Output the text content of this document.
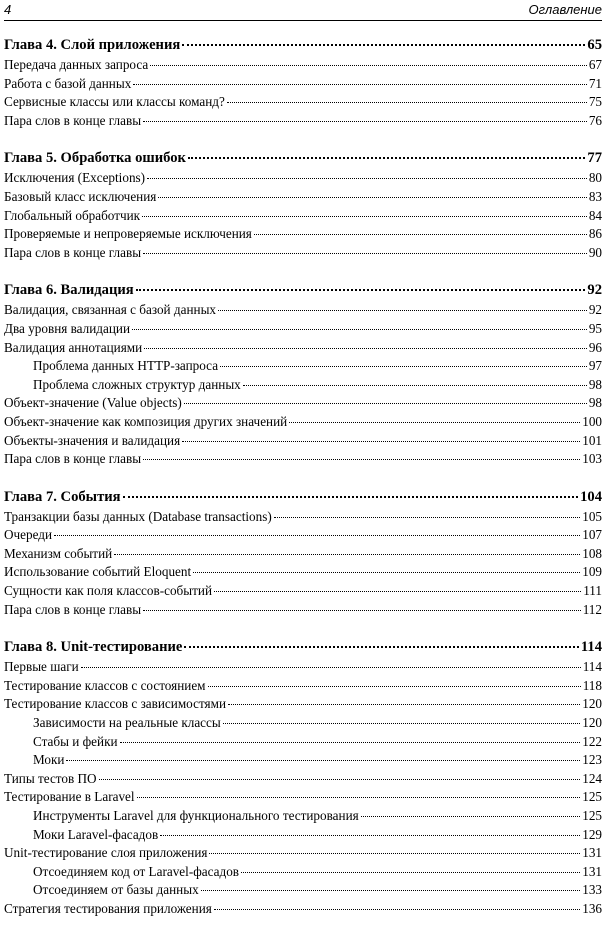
4	Оглавление
Глава 4. Слой приложения	65
Передача данных запроса	67
Работа с базой данных	71
Сервисные классы или классы команд?	75
Пара слов в конце главы	76
Глава 5. Обработка ошибок	77
Исключения (Exceptions)	80
Базовый класс исключения	83
Глобальный обработчик	84
Проверяемые и непроверяемые исключения	86
Пара слов в конце главы	90
Глава 6. Валидация	92
Валидация, связанная с базой данных	92
Два уровня валидации	95
Валидация аннотациями	96
Проблема данных HTTP-запроса	97
Проблема сложных структур данных	98
Объект-значение (Value objects)	98
Объект-значение как композиция других значений	100
Объекты-значения и валидация	101
Пара слов в конце главы	103
Глава 7. События	104
Транзакции базы данных (Database transactions)	105
Очереди	107
Механизм событий	108
Использование событий Eloquent	109
Сущности как поля классов-событий	111
Пара слов в конце главы	112
Глава 8. Unit-тестирование	114
Первые шаги	114
Тестирование классов с состоянием	118
Тестирование классов с зависимостями	120
Зависимости на реальные классы	120
Стабы и фейки	122
Моки	123
Типы тестов ПО	124
Тестирование в Laravel	125
Инструменты Laravel для функционального тестирования	125
Моки Laravel-фасадов	129
Unit-тестирование слоя приложения	131
Отсоединяем код от Laravel-фасадов	131
Отсоединяем от базы данных	133
Стратегия тестирования приложения	136
